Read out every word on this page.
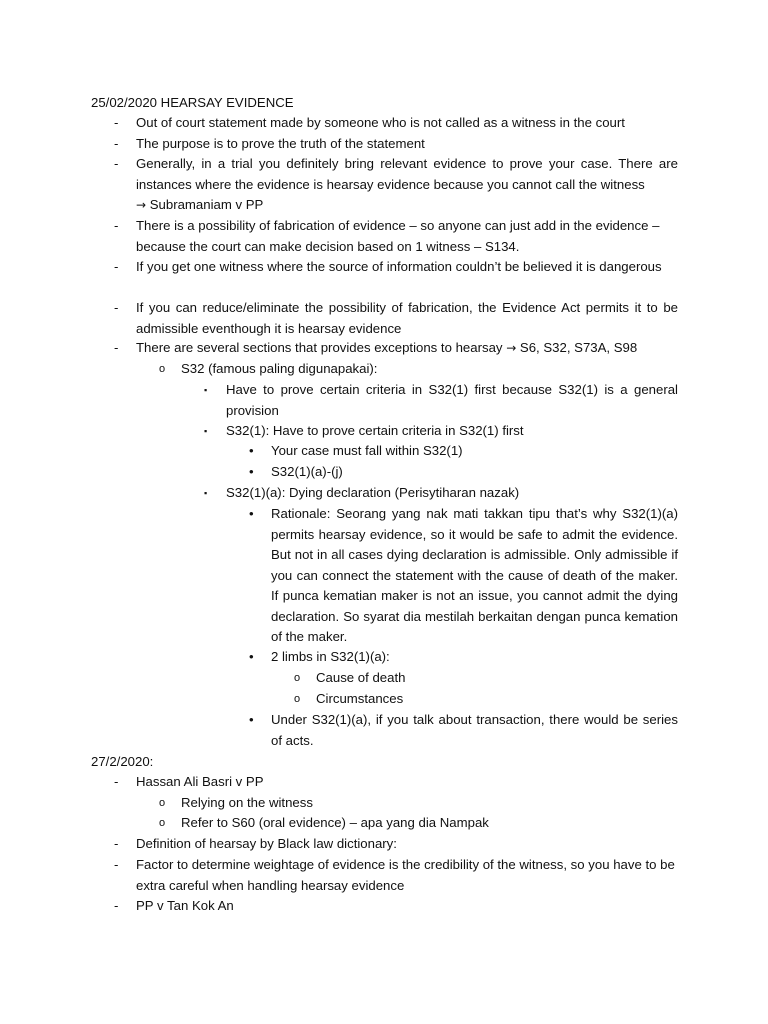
25/02/2020 HEARSAY EVIDENCE
- Out of court statement made by someone who is not called as a witness in the court
- The purpose is to prove the truth of the statement
- Generally, in a trial you definitely bring relevant evidence to prove your case. There are instances where the evidence is hearsay evidence because you cannot call the witness
→ Subramaniam v PP
- There is a possibility of fabrication of evidence – so anyone can just add in the evidence – because the court can make decision based on 1 witness – S134.
- If you get one witness where the source of information couldn’t be believed it is dangerous
- If you can reduce/eliminate the possibility of fabrication, the Evidence Act permits it to be admissible eventhough it is hearsay evidence
- There are several sections that provides exceptions to hearsay → S6, S32, S73A, S98
o S32 (famous paling digunapakai):
▪ Have to prove certain criteria in S32(1) first because S32(1) is a general provision
▪ S32(1): Have to prove certain criteria in S32(1) first
• Your case must fall within S32(1)
• S32(1)(a)-(j)
▪ S32(1)(a): Dying declaration (Perisytiharan nazak)
• Rationale: Seorang yang nak mati takkan tipu that’s why S32(1)(a) permits hearsay evidence, so it would be safe to admit the evidence. But not in all cases dying declaration is admissible. Only admissible if you can connect the statement with the cause of death of the maker. If punca kematian maker is not an issue, you cannot admit the dying declaration. So syarat dia mestilah berkaitan dengan punca kemation of the maker.
• 2 limbs in S32(1)(a):
o Cause of death
o Circumstances
• Under S32(1)(a), if you talk about transaction, there would be series of acts.
27/2/2020:
- Hassan Ali Basri v PP
o Relying on the witness
o Refer to S60 (oral evidence) – apa yang dia Nampak
- Definition of hearsay by Black law dictionary:
- Factor to determine weightage of evidence is the credibility of the witness, so you have to be extra careful when handling hearsay evidence
- PP v Tan Kok An
